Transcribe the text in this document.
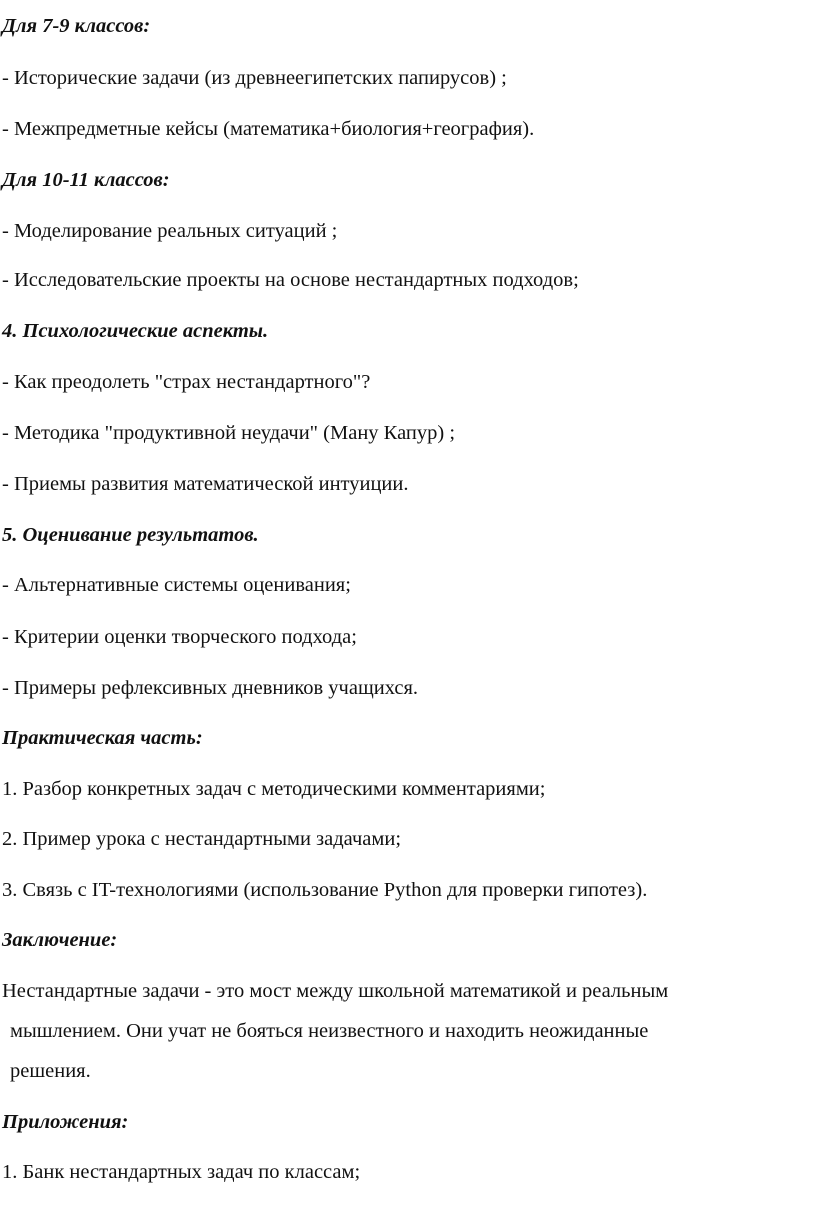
Для 7-9 классов:

- Исторические задачи (из древнеегипетских папирусов) ;

- Межпредметные кейсы (математика+биология+география).

Для 10-11 классов:

- Моделирование реальных ситуаций ;

- Исследовательские проекты на основе нестандартных подходов;

4. Психологические аспекты.

- Как преодолеть "страх нестандартного"?

- Методика "продуктивной неудачи" (Ману Капур) ;

- Приемы развития математической интуиции.

5. Оценивание результатов.

- Альтернативные системы оценивания;

- Критерии оценки творческого подхода;

- Примеры рефлексивных дневников учащихся.

Практическая часть:

1. Разбор конкретных задач с методическими комментариями;

2. Пример урока с нестандартными задачами;

3. Связь с IT-технологиями (использование Python для проверки гипотез).

Заключение:

Нестандартные задачи - это мост между школьной математикой и реальным

мышлением. Они учат не бояться неизвестного и находить неожиданные

решения.

Приложения:

1. Банк нестандартных задач по классам;
